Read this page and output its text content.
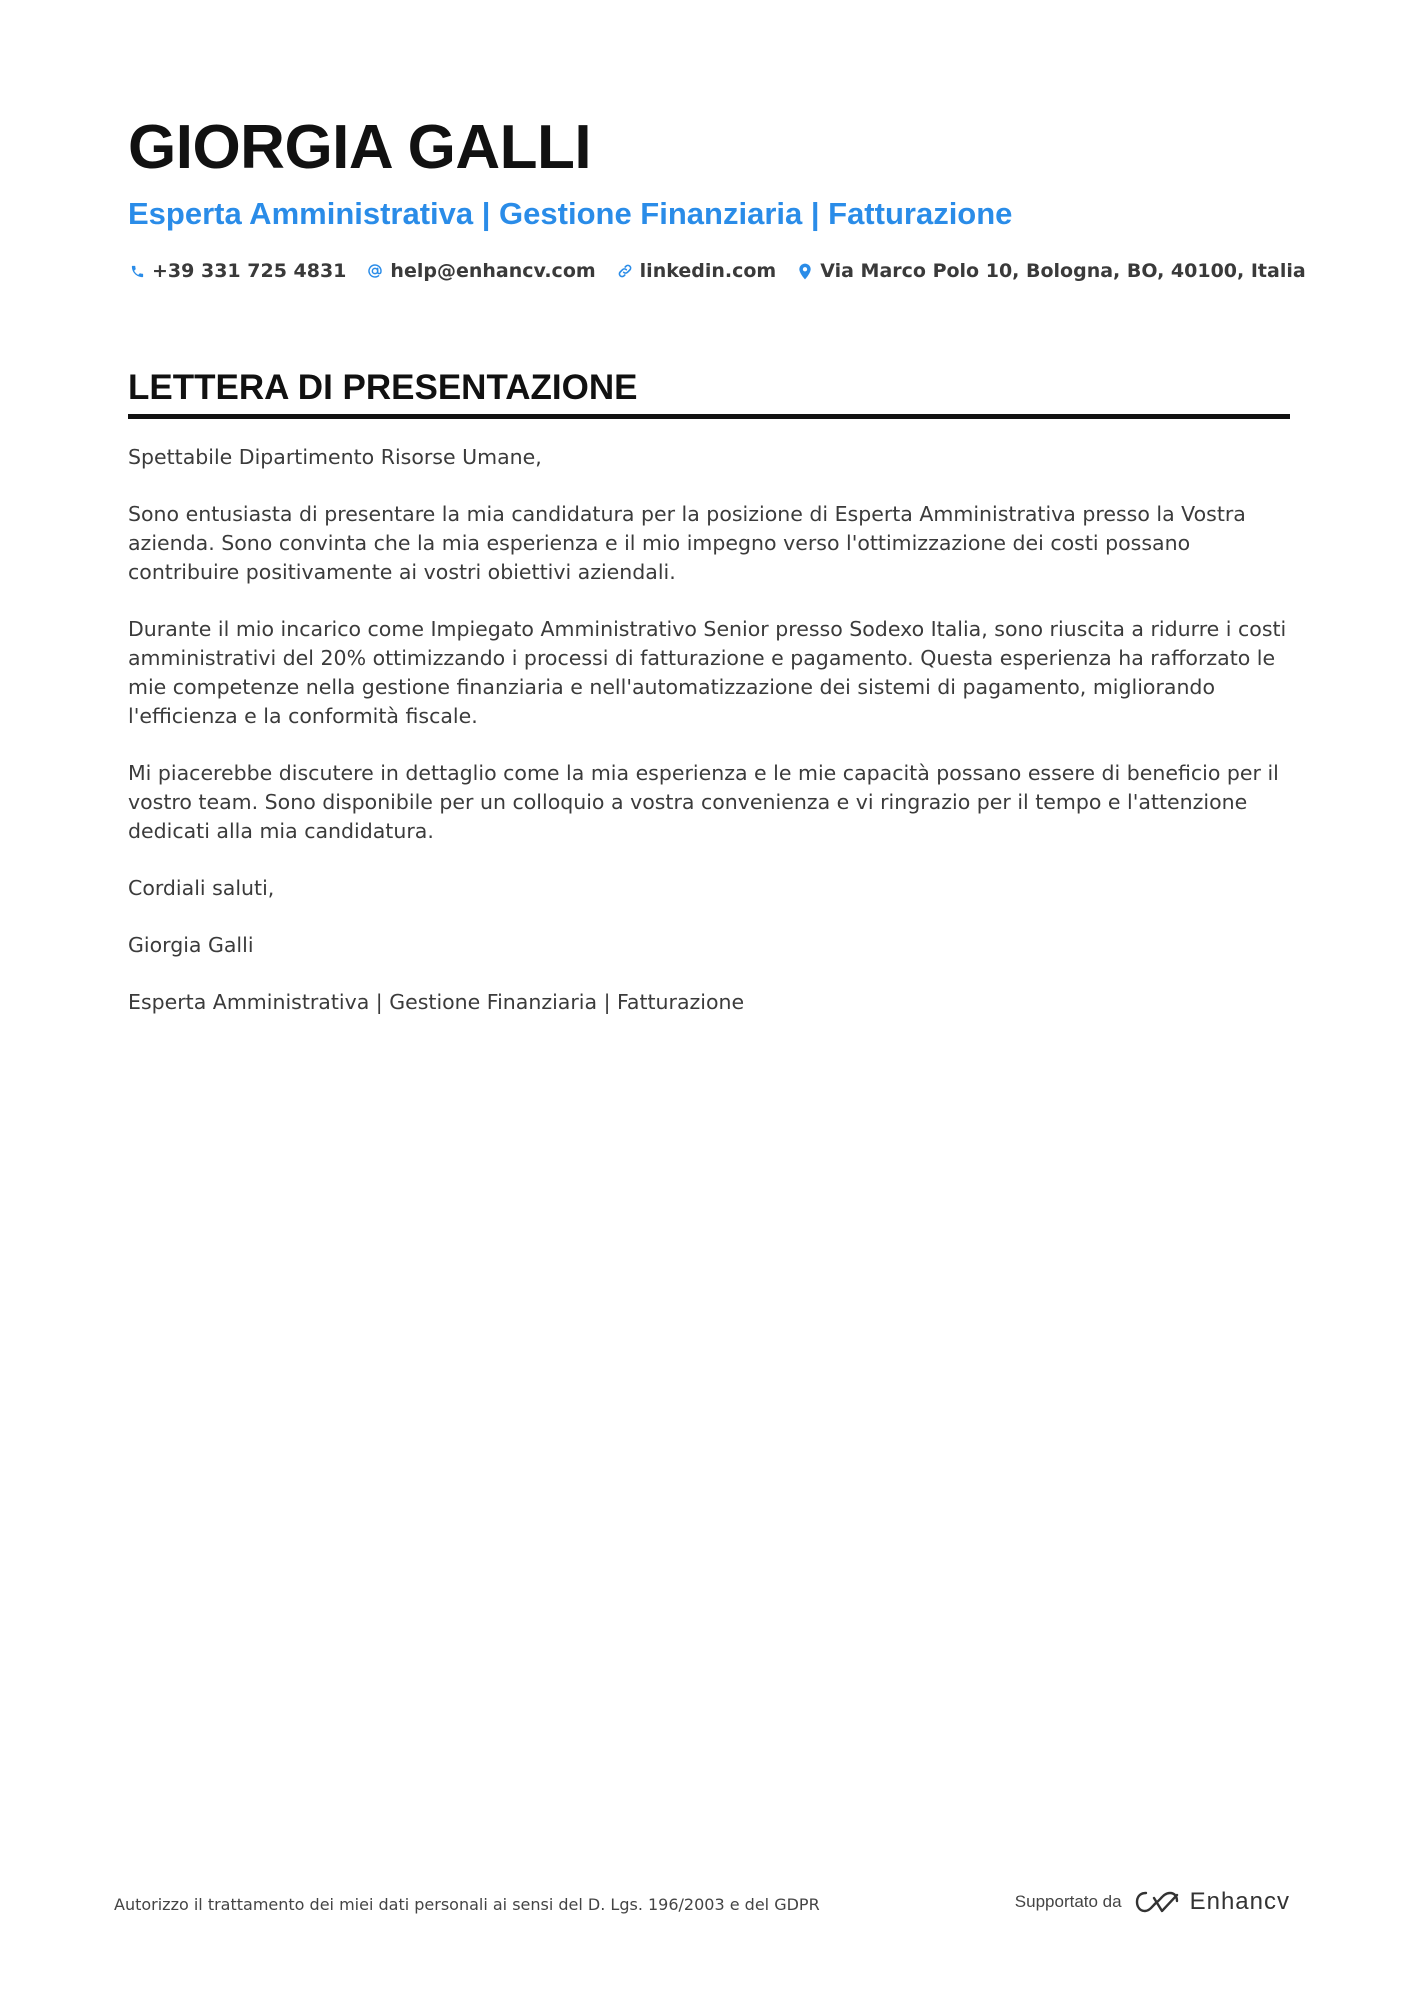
GIORGIA GALLI
Esperta Amministrativa | Gestione Finanziaria | Fatturazione
+39 331 725 4831 help@enhancv.com linkedin.com Via Marco Polo 10, Bologna, BO, 40100, Italia
LETTERA DI PRESENTAZIONE

Spettabile Dipartimento Risorse Umane,

Sono entusiasta di presentare la mia candidatura per la posizione di Esperta Amministrativa presso la Vostra azienda. Sono convinta che la mia esperienza e il mio impegno verso l'ottimizzazione dei costi possano contribuire positivamente ai vostri obiettivi aziendali.

Durante il mio incarico come Impiegato Amministrativo Senior presso Sodexo Italia, sono riuscita a ridurre i costi amministrativi del 20% ottimizzando i processi di fatturazione e pagamento. Questa esperienza ha rafforzato le mie competenze nella gestione finanziaria e nell'automatizzazione dei sistemi di pagamento, migliorando l'efficienza e la conformità fiscale.

Mi piacerebbe discutere in dettaglio come la mia esperienza e le mie capacità possano essere di beneficio per il vostro team. Sono disponibile per un colloquio a vostra convenienza e vi ringrazio per il tempo e l'attenzione dedicati alla mia candidatura.

Cordiali saluti,

Giorgia Galli

Esperta Amministrativa | Gestione Finanziaria | Fatturazione

Autorizzo il trattamento dei miei dati personali ai sensi del D. Lgs. 196/2003 e del GDPR	Supportato da	Enhancv
